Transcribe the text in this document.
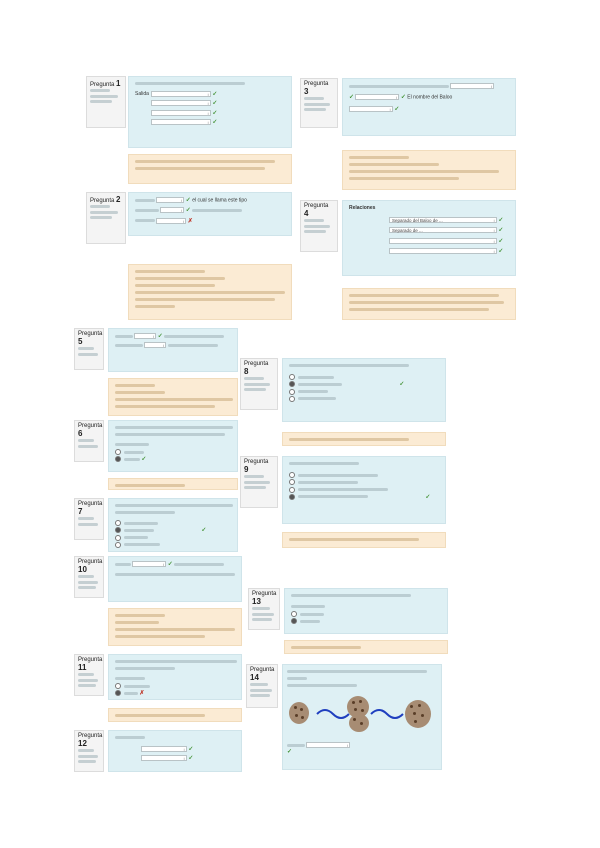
Pregunta 1
Salida ↕	✓
↕ ✓
↕ ✓
↕ ✓
Pregunta 3
↕
✓ ↕	✓ El nombre del Baloo
↕ ✓
Pregunta 2 ↕	✓ el cual se llama este tipo
↕ ✓
↕ ✗
Pregunta 4
Relaciones
Separado del Baloo de ... ↕	✓
Separado de ... ↕	✓
↕ ✓
↕ ✓
Pregunta 5
↕ ✓
↕
Pregunta 8
✓
Pregunta 6
✓	Pregunta 9
✓
Pregunta 7
✓
Pregunta 10
↕ ✓
Pregunta 13
Pregunta 11
✗
Pregunta 14
↕
✓
Pregunta 12
↕ ✓
↕ ✓
